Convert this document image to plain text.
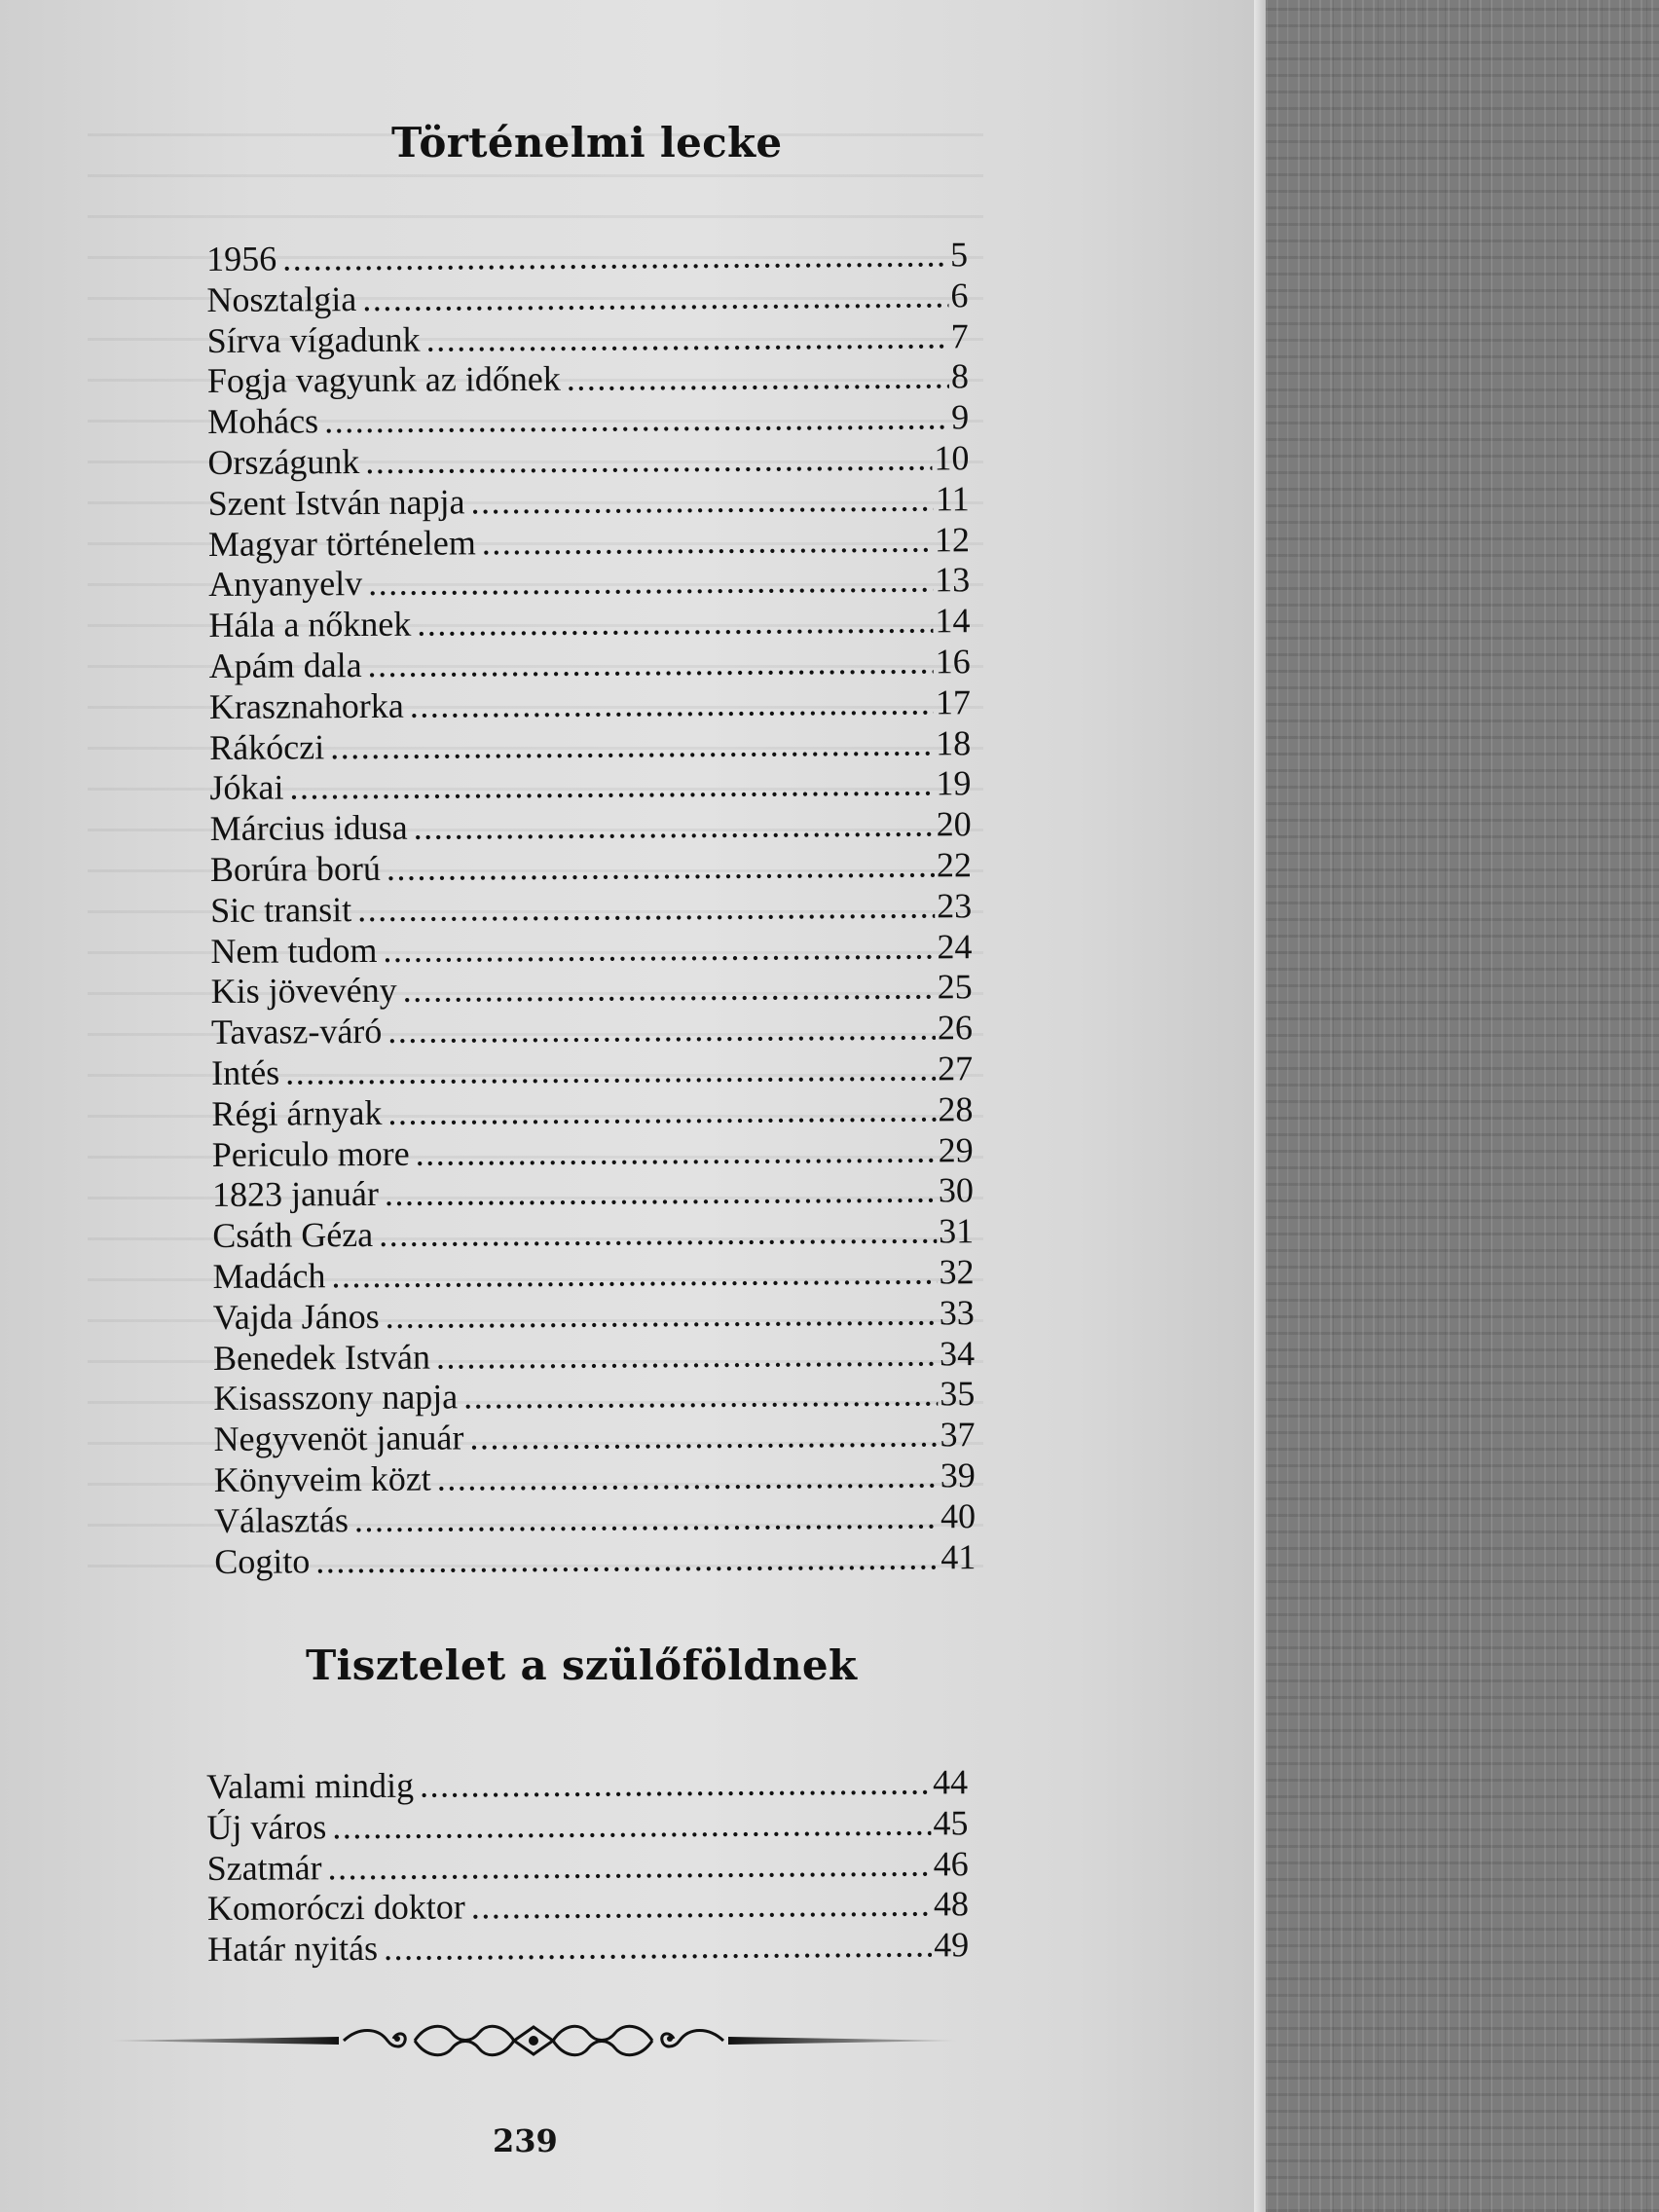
Történelmi lecke
1956 .....	5
Nosztalgia .....	6
Sírva vígadunk .....	7
Fogja vagyunk az időnek .....	8
Mohács .....	9
Országunk .....	10
Szent István napja .....	11
Magyar történelem .....	12
Anyanyelv .....	13
Hála a nőknek .....	14
Apám dala .....	16
Krasznahorka .....	17
Rákóczi .....	18
Jókai .....	19
Március idusa .....	20
Borúra ború .....	22
Sic transit .....	23
Nem tudom .....	24
Kis jövevény .....	25
Tavasz-váró .....	26
Intés .....	27
Régi árnyak .....	28
Periculo more .....	29
1823 január .....	30
Csáth Géza .....	31
Madách .....	32
Vajda János .....	33
Benedek István .....	34
Kisasszony napja .....	35
Negyvenöt január .....	37
Könyveim közt .....	39
Választás .....	40
Cogito .....	41
Tisztelet a szülőföldnek
Valami mindig .....	44
Új város .....	45
Szatmár .....	46
Komoróczi doktor .....	48
Határ nyitás .....	49

239
